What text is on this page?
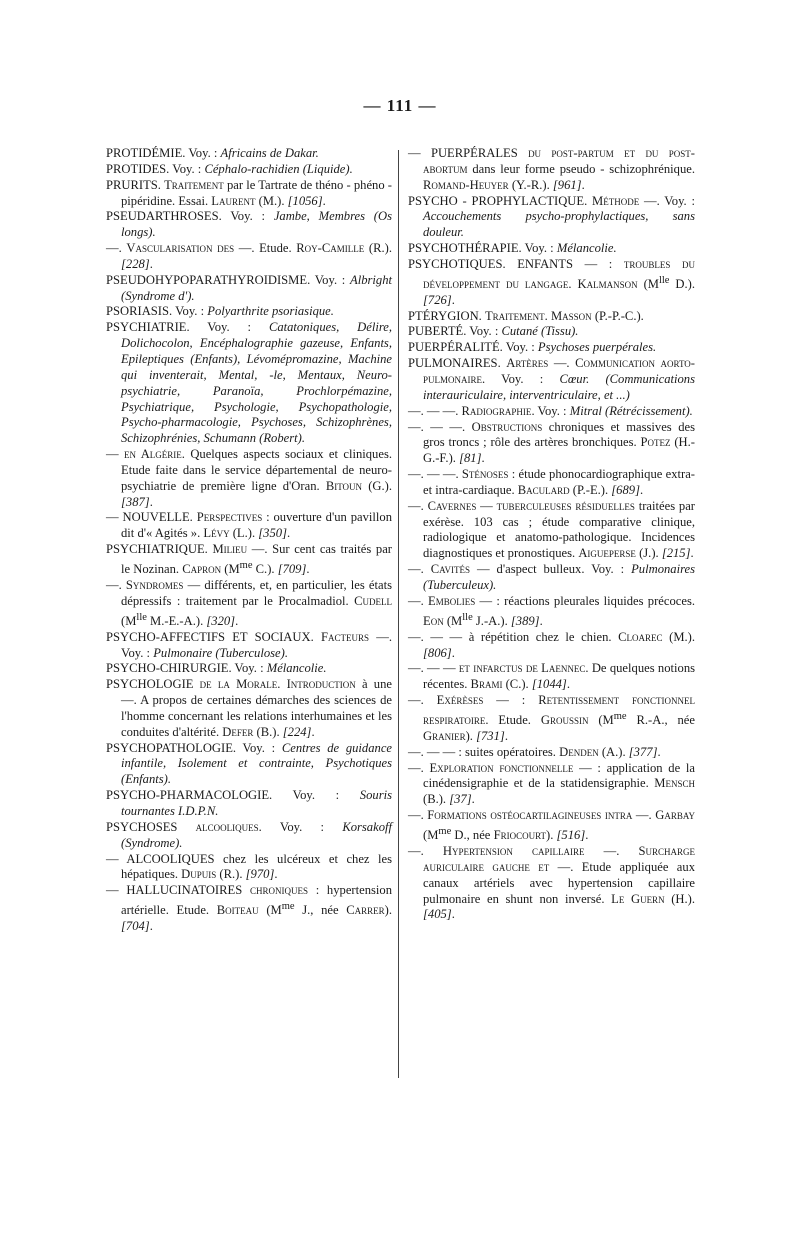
— 111 —

PROTIDÉMIE. Voy. : Africains de Dakar.

PROTIDES. Voy. : Céphalo-rachidien (Liquide).

PRURITS. Traitement par le Tartrate de théno - phéno - pipéridine. Essai. Laurent (M.). [1056].

PSEUDARTHROSES. Voy. : Jambe, Membres (Os longs).

—. Vascularisation des —. Etude. Roy-Camille (R.). [228].

PSEUDOHYPOPARATHYROIDISME. Voy. : Albright (Syndrome d').

PSORIASIS. Voy. : Polyarthrite psoriasique.

PSYCHIATRIE. Voy. : Catatoniques, Délire, Dolichocolon, Encéphalographie gazeuse, Enfants, Epileptiques (Enfants), Lévomépromazine, Machine qui inventerait, Mental, -le, Mentaux, Neuro-psychiatrie, Paranoïa, Prochlorpémazine, Psychiatrique, Psychologie, Psychopathologie, Psycho-pharmacologie, Psychoses, Schizophrènes, Schizophrénies, Schumann (Robert).

— en Algérie. Quelques aspects sociaux et cliniques. Etude faite dans le service départemental de neuro-psychiatrie de première ligne d'Oran. Bitoun (G.). [387].

— NOUVELLE. Perspectives : ouverture d'un pavillon dit d'« Agités ». Lévy (L.). [350].

PSYCHIATRIQUE. Milieu —. Sur cent cas traités par le Nozinan. Capron ($M^{me}$ C.). [709].

—. Syndromes — différents, et, en particulier, les états dépressifs : traitement par le Procalmadiol. Cudell ($M^{lle}$ M.-E.-A.). [320].

PSYCHO-AFFECTIFS ET SOCIAUX. Facteurs —. Voy. : Pulmonaire (Tuberculose).

PSYCHO-CHIRURGIE. Voy. : Mélancolie.

PSYCHOLOGIE de la Morale. Introduction à une —. A propos de certaines démarches des sciences de l'homme concernant les relations interhumaines et les conduites d'altérité. Defer (B.). [224].

PSYCHOPATHOLOGIE. Voy. : Centres de guidance infantile, Isolement et contrainte, Psychotiques (Enfants).

PSYCHO-PHARMACOLOGIE. Voy. : Souris tournantes I.D.P.N.

PSYCHOSES alcooliques. Voy. : Korsakoff (Syndrome).

— ALCOOLIQUES chez les ulcéreux et chez les hépatiques. Dupuis (R.). [970].

— HALLUCINATOIRES chroniques : hypertension artérielle. Etude. Boiteau ($M^{me}$ J., née Carrer). [704].

— PUERPÉRALES du post-partum et du post-abortum dans leur forme pseudo - schizophrénique. Romand-Heuyer (Y.-R.). [961].

PSYCHO - PROPHYLACTIQUE. Méthode —. Voy. : Accouchements psycho-prophylactiques, sans douleur.

PSYCHOTHÉRAPIE. Voy. : Mélancolie.

PSYCHOTIQUES. ENFANTS — : troubles du développement du langage. Kalmanson ($M^{lle}$ D.). [726].

PTÉRYGION. Traitement. Masson (P.-P.-C.).

PUBERTÉ. Voy. : Cutané (Tissu).

PUERPÉRALITÉ. Voy. : Psychoses puerpérales.

PULMONAIRES. Artères —. Communication aorto-pulmonaire. Voy. : Cœur. (Communications interauriculaire, interventriculaire, et ...)

—. — —. Radiographie. Voy. : Mitral (Rétrécissement).

—. — —. Obstructions chroniques et massives des gros troncs ; rôle des artères bronchiques. Potez (H.-G.-F.). [81].

—. — —. Sténoses : étude phonocardiographique extra- et intra-cardiaque. Baculard (P.-E.). [689].

—. Cavernes — tuberculeuses résiduelles traitées par exérèse. 103 cas ; étude comparative clinique, radiologique et anatomo-pathologique. Incidences diagnostiques et pronostiques. Aigueperse (J.). [215].

—. Cavités — d'aspect bulleux. Voy. : Pulmonaires (Tuberculeux).

—. Embolies — : réactions pleurales liquides précoces. Eon ($M^{lle}$ J.-A.). [389].

—. — — à répétition chez le chien. Cloarec (M.). [806].

—. — — et infarctus de Laennec. De quelques notions récentes. Brami (C.). [1044].

—. Exérèses — : Retentissement fonctionnel respiratoire. Etude. Groussin ($M^{me}$ R.-A., née Granier). [731].

—. — — : suites opératoires. Denden (A.). [377].

—. Exploration fonctionnelle — : application de la cinédensigraphie et de la statidensigraphie. Mensch (B.). [37].

—. Formations ostéocartilagineuses intra —. Garbay ($M^{me}$ D., née Friocourt). [516].

—. Hypertension capillaire —. Surcharge auriculaire gauche et —. Etude appliquée aux canaux artériels avec hypertension capillaire pulmonaire en shunt non inversé. Le Guern (H.). [405].
